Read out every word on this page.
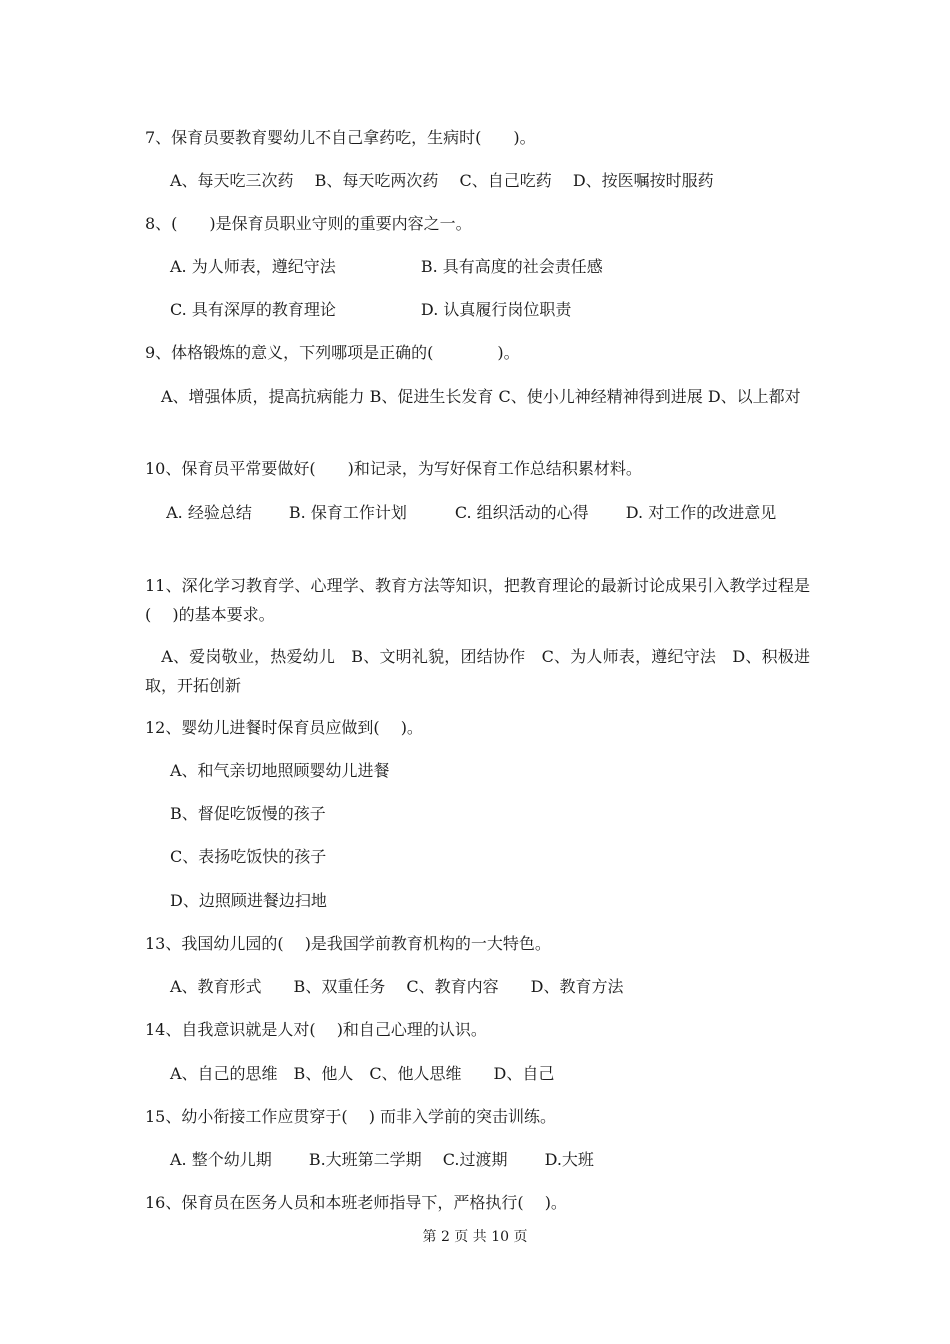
7、保育员要教育婴幼儿不自己拿药吃，生病时(　　)。
A、每天吃三次药　 B、每天吃两次药　 C、自己吃药　 D、按医嘱按时服药
8、(　　)是保育员职业守则的重要内容之一。
A. 为人师表，遵纪守法　　　　　 B. 具有高度的社会责任感
C. 具有深厚的教育理论　　　　　 D. 认真履行岗位职责
9、体格锻炼的意义，下列哪项是正确的(　　　　)。
　A、增强体质，提高抗病能力 B、促进生长发育 C、使小儿神经精神得到进展 D、以上都对
10、保育员平常要做好(　　)和记录，为写好保育工作总结积累材料。
　 A. 经验总结　　 B. 保育工作计划　　　C. 组织活动的心得　　 D. 对工作的改进意见
11、深化学习教育学、心理学、教育方法等知识，把教育理论的最新讨论成果引入教学过程是(　 )的基本要求。
　A、爱岗敬业，热爱幼儿　B、文明礼貌，团结协作　C、为人师表，遵纪守法　D、积极进取，开拓创新
12、婴幼儿进餐时保育员应做到(　 )。
A、和气亲切地照顾婴幼儿进餐
B、督促吃饭慢的孩子
C、表扬吃饭快的孩子
D、边照顾进餐边扫地
13、我国幼儿园的(　 )是我国学前教育机构的一大特色。
A、教育形式　　B、双重任务　 C、教育内容　　D、教育方法
14、自我意识就是人对(　 )和自己心理的认识。
A、自己的思维　B、他人　C、他人思维　　D、自己
15、幼小衔接工作应贯穿于(　 ) 而非入学前的突击训练。
A. 整个幼儿期　　 B.大班第二学期　 C.过渡期　　 D.大班
16、保育员在医务人员和本班老师指导下，严格执行(　 )。
第 2 页 共 10 页
